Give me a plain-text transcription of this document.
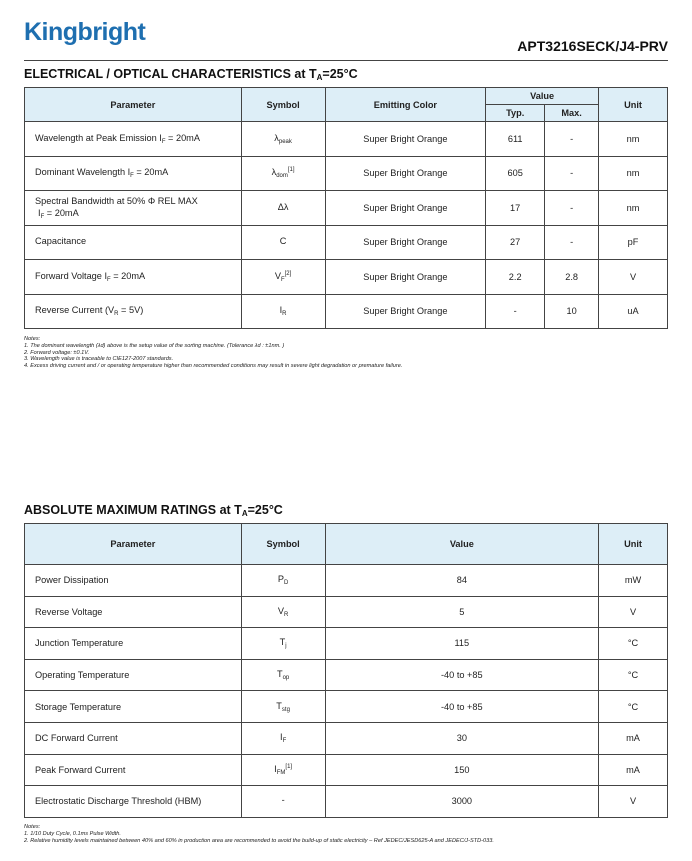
Kingbright	APT3216SECK/J4-PRV
ELECTRICAL / OPTICAL CHARACTERISTICS at $T_A=25^\circ C$
Parameter	Symbol	Emitting Color	Value		Unit
			Typ.	Max.	
Wavelength at Peak Emission $I_F = 20mA$	$\lambda_{peak}$	Super Bright Orange	611	-	nm
Dominant Wavelength $I_F = 20mA$	$\lambda_{dom}[1]$	Super Bright Orange	605	-	nm
Spectral Bandwidth at 50% Φ REL MAX
$I_F = 20mA$	Δλ	Super Bright Orange	17	-	nm
Capacitance	C	Super Bright Orange	27	-	pF
Forward Voltage $I_F = 20mA$	$V_F[2]$	Super Bright Orange	2.2	2.8	V
Reverse Current $(V_R = 5V)$	$I_R$	Super Bright Orange	-	10	uA
Notes:
1. The dominant wavelength (λd) above is the setup value of the sorting machine. (Tolerance λd : ±1nm. )
2. Forward voltage: ±0.1V.
3. Wavelength value is traceable to CIE127-2007 standards.
4. Excess driving current and / or operating temperature higher than recommended conditions may result in severe light degradation or premature failure.
ABSOLUTE MAXIMUM RATINGS at $T_A=25^\circ C$
Parameter	Symbol	Value	Unit
Power Dissipation	$P_D$	84	mW
Reverse Voltage	$V_R$	5	V
Junction Temperature	$T_j$	115	°C
Operating Temperature	$T_{op}$	-40 to +85	°C
Storage Temperature	$T_{stg}$	-40 to +85	°C
DC Forward Current	$I_F$	30	mA
Peak Forward Current	$I_{FM}[1]$	150	mA
Electrostatic Discharge Threshold (HBM)	-	3000	V
Notes:
1. 1/10 Duty Cycle, 0.1ms Pulse Width.
2. Relative humidity levels maintained between 40% and 60% in production area are recommended to avoid the build-up of static electricity – Ref JEDEC/JESD625-A and JEDEC/J-STD-033.
